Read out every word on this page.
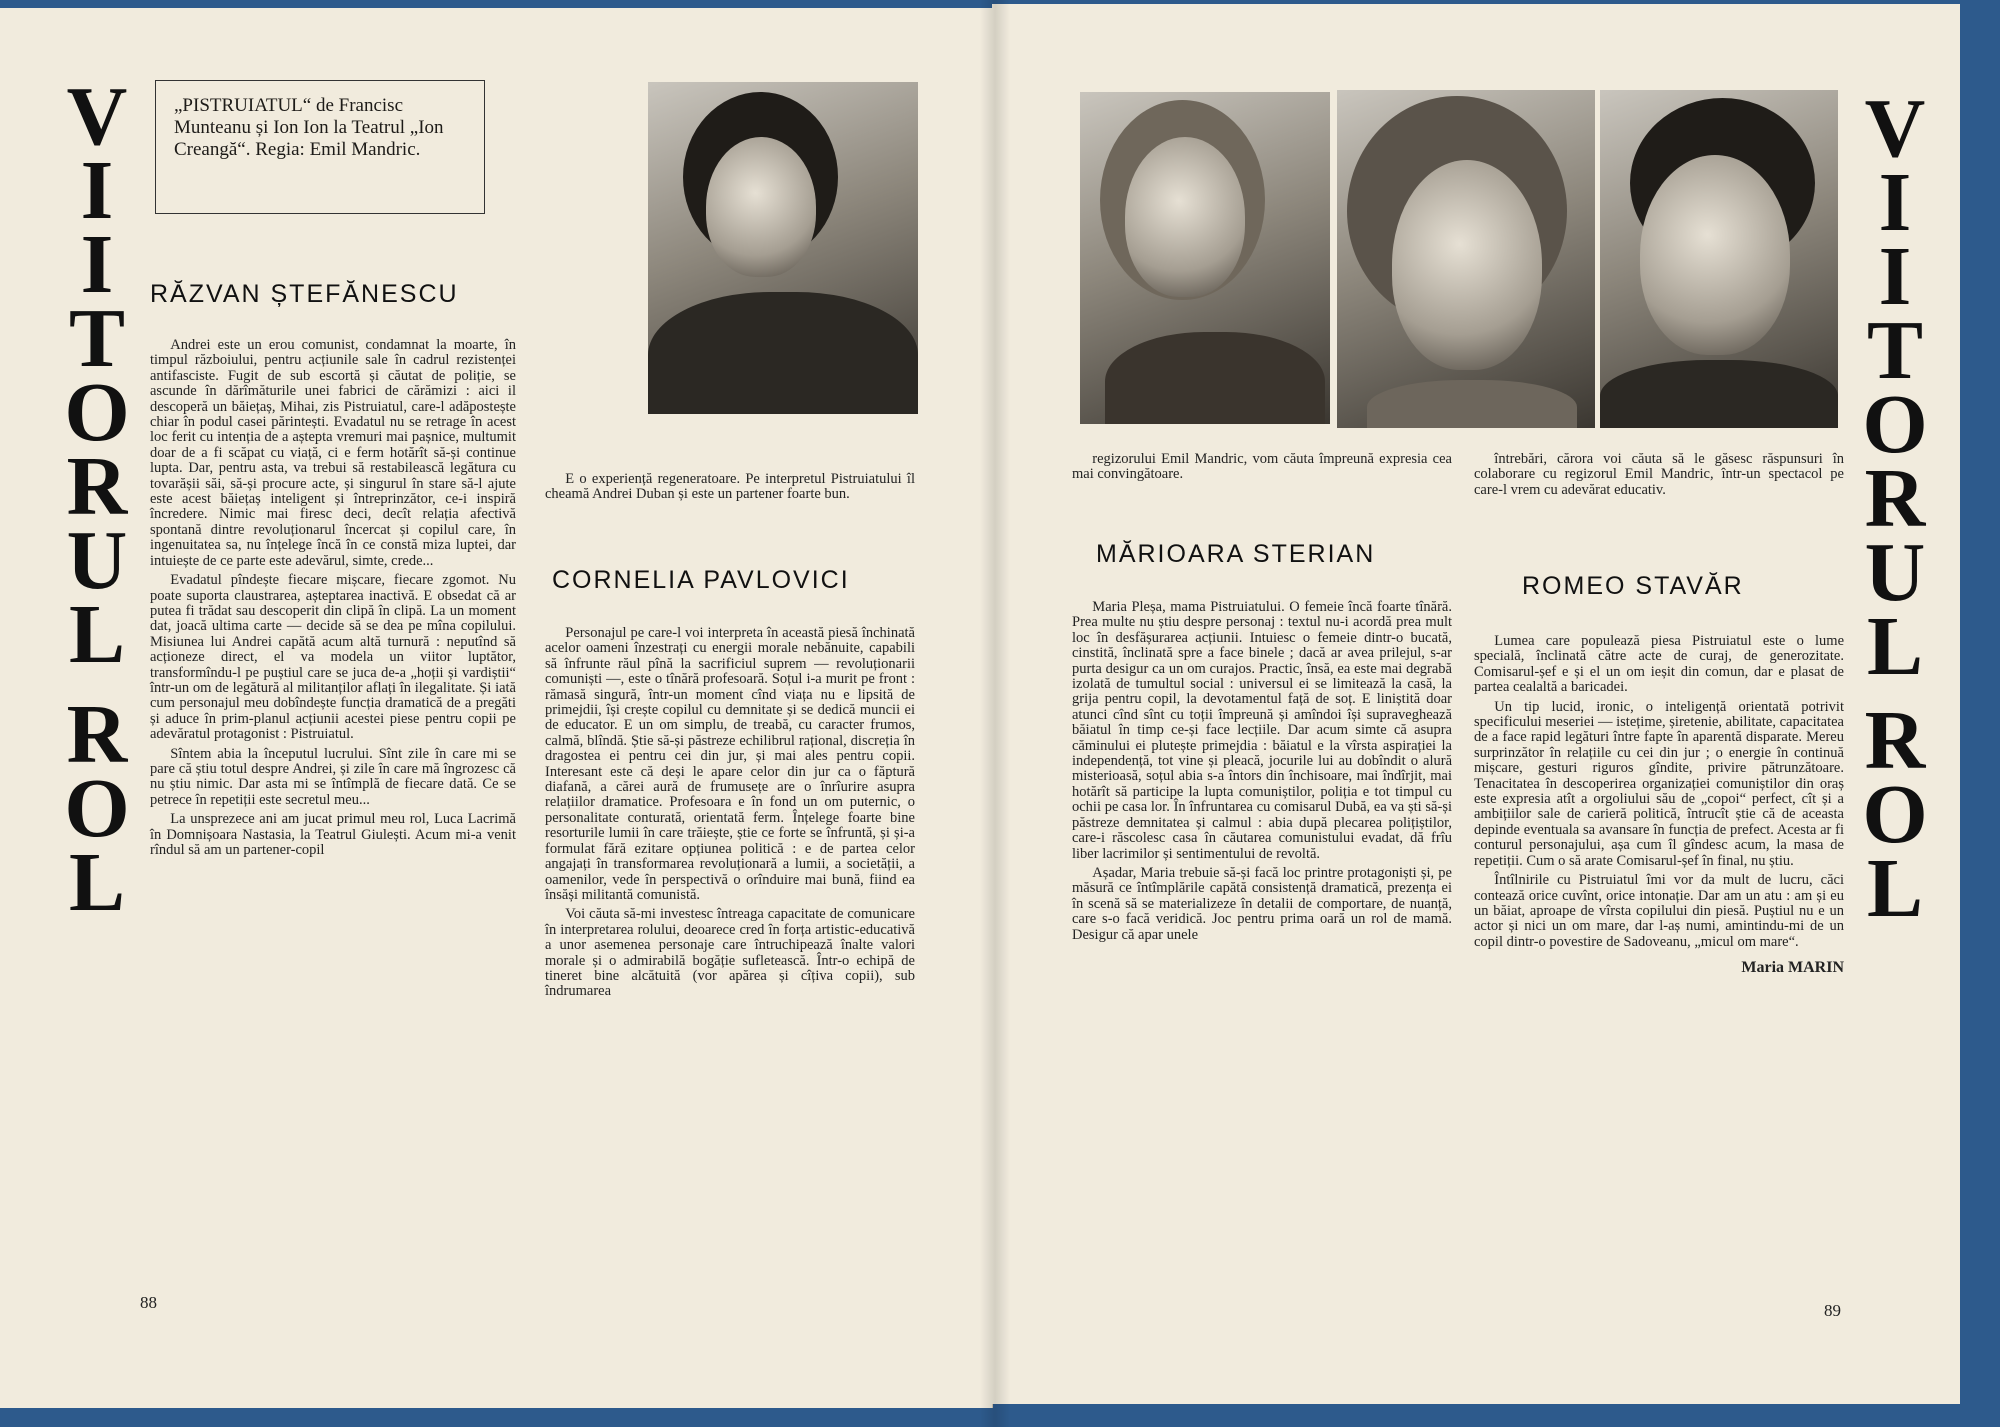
V
I
I
T
O
R
U
L
R
O
L
„PISTRUIATUL“ de Francisc Munteanu și Ion Ion la Teatrul „Ion Creangă“. Regia: Emil Mandric.
RĂZVAN ȘTEFĂNESCU

Andrei este un erou comunist, condamnat la moarte, în timpul războiului, pentru acțiunile sale în cadrul rezistenței antifasciste. Fugit de sub escortă și căutat de poliție, se ascunde în dărîmăturile unei fabrici de cărămizi : aici il descoperă un băiețaș, Mihai, zis Pistruiatul, care-l adăpostește chiar în podul casei părintești. Evadatul nu se retrage în acest loc ferit cu intenția de a aștepta vremuri mai pașnice, multumit doar de a fi scăpat cu viață, ci e ferm hotărît să-și continue lupta. Dar, pentru asta, va trebui să restabilească legătura cu tovarășii săi, să-și procure acte, și singurul în stare să-l ajute este acest băiețaș inteligent și întreprinzător, ce-i inspiră încredere. Nimic mai firesc deci, decît relația afectivă spontană dintre revoluționarul încercat și copilul care, în ingenuitatea sa, nu înțelege încă în ce constă miza luptei, dar intuiește de ce parte este adevărul, simte, crede...

Evadatul pîndește fiecare mișcare, fiecare zgomot. Nu poate suporta claustrarea, așteptarea inactivă. E obsedat că ar putea fi trădat sau descoperit din clipă în clipă. La un moment dat, joacă ultima carte — decide să se dea pe mîna copilului. Misiunea lui Andrei capătă acum altă turnură : neputînd să acționeze direct, el va modela un viitor luptător, transformîndu-l pe puștiul care se juca de-a „hoții și vardiștii“ într-un om de legătură al militanților aflați în ilegalitate. Și iată cum personajul meu dobîndește funcția dramatică de a pregăti și aduce în prim-planul acțiunii acestei piese pentru copii pe adevăratul protagonist : Pistruiatul.

Sîntem abia la începutul lucrului. Sînt zile în care mi se pare că știu totul despre Andrei, și zile în care mă îngrozesc că nu știu nimic. Dar asta mi se întîmplă de fiecare dată. Ce se petrece în repetiții este secretul meu...

La unsprezece ani am jucat primul meu rol, Luca Lacrimă în Domnișoara Nastasia, la Teatrul Giulești. Acum mi-a venit rîndul să am un partener-copil

E o experiență regeneratoare. Pe interpretul Pistruiatului îl cheamă Andrei Duban și este un partener foarte bun.
CORNELIA PAVLOVICI

Personajul pe care-l voi interpreta în această piesă închinată acelor oameni înzestrați cu energii morale nebănuite, capabili să înfrunte răul pînă la sacrificiul suprem — revoluționarii comuniști —, este o tînără profesoară. Soțul i-a murit pe front : rămasă singură, într-un moment cînd viața nu e lipsită de primejdii, își crește copilul cu demnitate și se dedică muncii ei de educator. E un om simplu, de treabă, cu caracter frumos, calmă, blîndă. Știe să-și păstreze echilibrul rațional, discreția în dragostea ei pentru cei din jur, și mai ales pentru copii. Interesant este că deși le apare celor din jur ca o făptură diafană, a cărei aură de frumusețe are o înrîurire asupra relațiilor dramatice. Profesoara e în fond un om puternic, o personalitate conturată, orientată ferm. Înțelege foarte bine resorturile lumii în care trăiește, știe ce forte se înfruntă, și și-a formulat fără ezitare opțiunea politică : e de partea celor angajați în transformarea revoluționară a lumii, a societății, a oamenilor, vede în perspectivă o orînduire mai bună, fiind ea însăși militantă comunistă.

Voi căuta să-mi investesc întreaga capacitate de comunicare în interpretarea rolului, deoarece cred în forța artistic-educativă a unor asemenea personaje care întruchipează înalte valori morale și o admirabilă bogăție sufletească. Într-o echipă de tineret bine alcătuită (vor apărea și cîțiva copii), sub îndrumarea

88
V
I
I
T
O
R
U
L
R
O
L
regizorului Emil Mandric, vom căuta împreună expresia cea mai convingătoare.
MĂRIOARA STERIAN

Maria Pleșa, mama Pistruiatului. O femeie încă foarte tînără. Prea multe nu știu despre personaj : textul nu-i acordă prea mult loc în desfășurarea acțiunii. Intuiesc o femeie dintr-o bucată, cinstită, înclinată spre a face binele ; dacă ar avea prilejul, s-ar purta desigur ca un om curajos. Practic, însă, ea este mai degrabă izolată de tumultul social : universul ei se limitează la casă, la grija pentru copil, la devotamentul față de soț. E liniștită doar atunci cînd sînt cu toții împreună și amîndoi își supraveghează băiatul în timp ce-și face lecțiile. Dar acum simte că asupra căminului ei plutește primejdia : băiatul e la vîrsta aspirației la independență, tot vine și pleacă, jocurile lui au dobîndit o alură misterioasă, soțul abia s-a întors din închisoare, mai îndîrjit, mai hotărît să participe la lupta comuniștilor, poliția e tot timpul cu ochii pe casa lor. În înfruntarea cu comisarul Dubă, ea va ști să-și păstreze demnitatea și calmul : abia după plecarea polițiștilor, care-i răscolesc casa în căutarea comunistului evadat, dă frîu liber lacrimilor și sentimentului de revoltă.

Așadar, Maria trebuie să-și facă loc printre protagoniști și, pe măsură ce întîmplările capătă consistență dramatică, prezența ei în scenă să se materializeze în detalii de comportare, de nuanță, care s-o facă veridică. Joc pentru prima oară un rol de mamă. Desigur că apar unele

întrebări, cărora voi căuta să le găsesc răspunsuri în colaborare cu regizorul Emil Mandric, într-un spectacol pe care-l vrem cu adevărat educativ.
ROMEO STAVĂR

Lumea care populează piesa Pistruiatul este o lume specială, înclinată către acte de curaj, de generozitate. Comisarul-șef e și el un om ieșit din comun, dar e plasat de partea cealaltă a baricadei.

Un tip lucid, ironic, o inteligență orientată potrivit specificului meseriei — istețime, șiretenie, abilitate, capacitatea de a face rapid legături între fapte în aparentă disparate. Mereu surprinzător în relațiile cu cei din jur ; o energie în continuă mișcare, gesturi riguros gîndite, privire pătrunzătoare. Tenacitatea în descoperirea organizației comuniștilor din oraș este expresia atît a orgoliului său de „copoi“ perfect, cît și a ambițiilor sale de carieră politică, întrucît știe că de aceasta depinde eventuala sa avansare în funcția de prefect. Acesta ar fi conturul personajului, așa cum îl gîndesc acum, la masa de repetiții. Cum o să arate Comisarul-șef în final, nu știu.

Întîlnirile cu Pistruiatul îmi vor da mult de lucru, căci contează orice cuvînt, orice intonație. Dar am un atu : am și eu un băiat, aproape de vîrsta copilului din piesă. Puștiul nu e un actor și nici un om mare, dar l-aș numi, amintindu-mi de un copil dintr-o povestire de Sadoveanu, „micul om mare“.

Maria MARIN

89
